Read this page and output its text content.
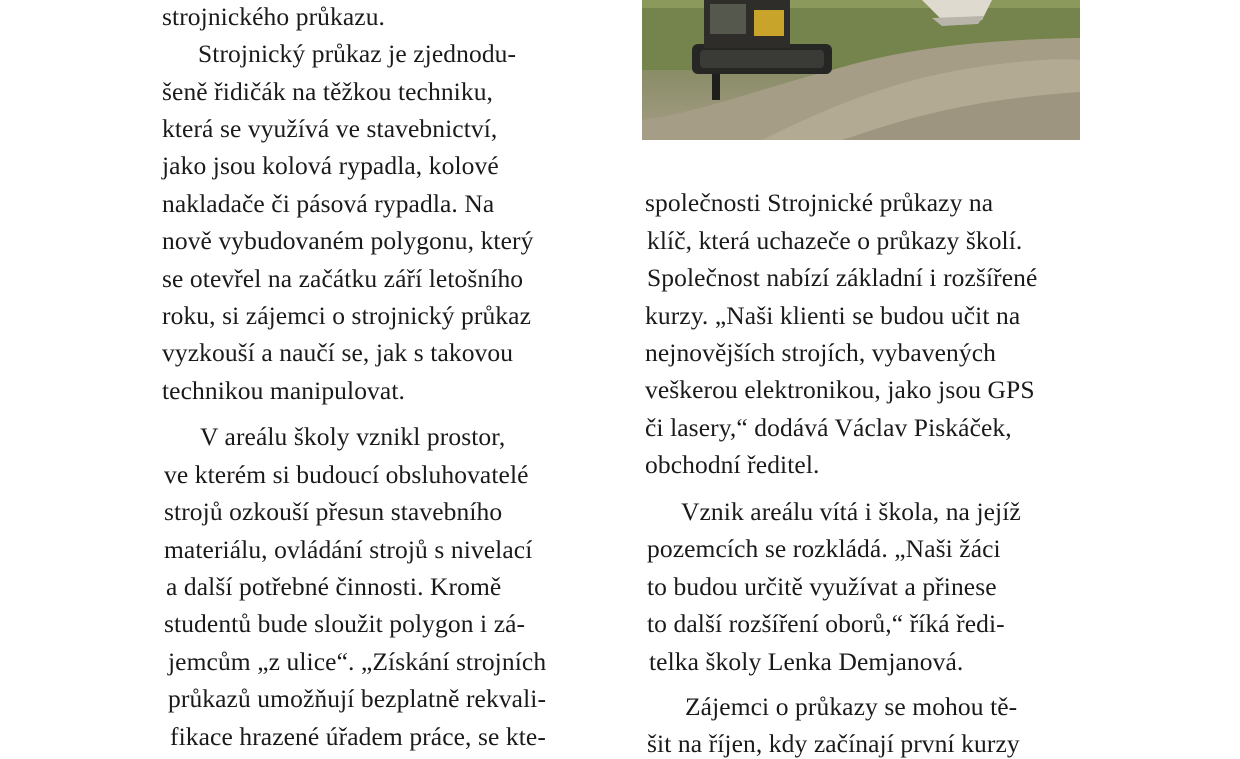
strojnického průkazu.
Strojnický průkaz je zjednodu-
šeně řidičák na těžkou techniku,
která se využívá ve stavebnictví,
jako jsou kolová rypadla, kolové
nakladače či pásová rypadla. Na
nově vybudovaném polygonu, který
se otevřel na začátku září letošního
roku, si zájemci o strojnický průkaz
vyzkouší a naučí se, jak s takovou
technikou manipulovat.
V areálu školy vznikl prostor,
ve kterém si budoucí obsluhovatelé
strojů ozkouší přesun stavebního
materiálu, ovládání strojů s nivelací
a další potřebné činnosti. Kromě
studentů bude sloužit polygon i zá-
jemcům „z ulice“. „Získání strojních
průkazů umožňují bezplatně rekvali-
fikace hrazené úřadem práce, se kte-
společnosti Strojnické průkazy na
klíč, která uchazeče o průkazy školí.
Společnost nabízí základní i rozšířené
kurzy. „Naši klienti se budou učit na
nejnovějších strojích, vybavených
veškerou elektronikou, jako jsou GPS
či lasery,“ dodává Václav Piskáček,
obchodní ředitel.
Vznik areálu vítá i škola, na jejíž
pozemcích se rozkládá. „Naši žáci
to budou určitě využívat a přinese
to další rozšíření oborů,“ říká ředi-
telka školy Lenka Demjanová.
Zájemci o průkazy se mohou tě-
šit na říjen, kdy začínají první kurzy
